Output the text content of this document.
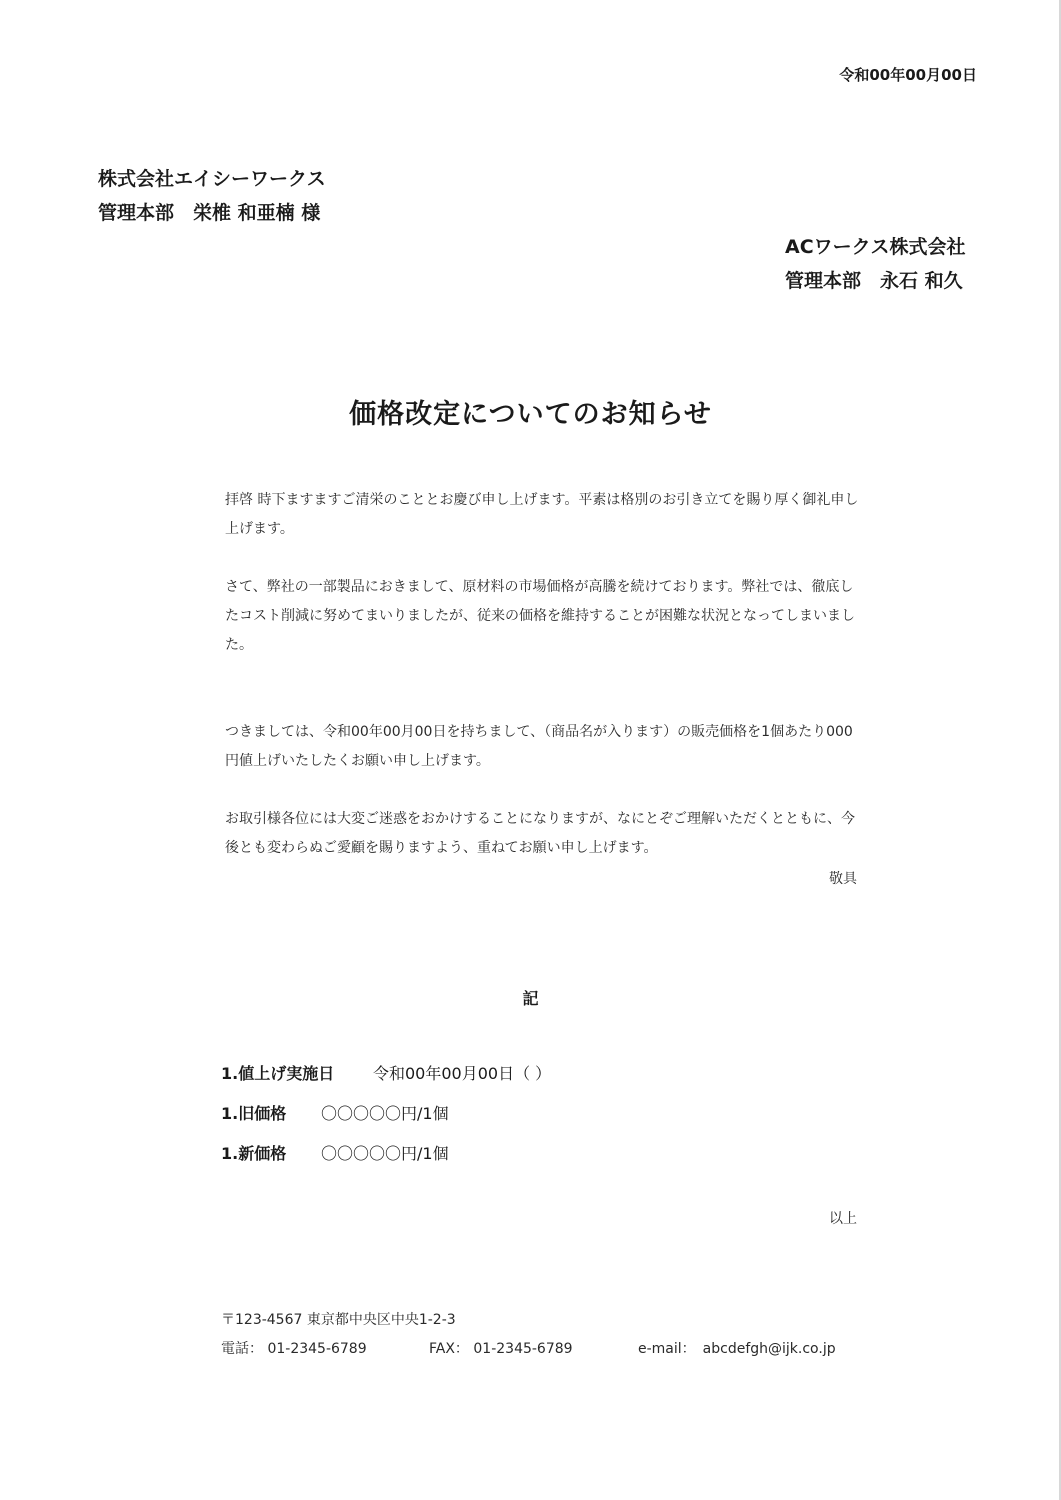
令和00年00月00日
株式会社エイシーワークス
管理本部　栄椎 和亜楠 様
ACワークス株式会社
管理本部　永石 和久
価格改定についてのお知らせ

拝啓 時下ますますご清栄のこととお慶び申し上げます。平素は格別のお引き立てを賜り厚く御礼申し上げます。

さて、弊社の一部製品におきまして、原材料の市場価格が高騰を続けております。弊社では、徹底したコスト削減に努めてまいりましたが、従来の価格を維持することが困難な状況となってしまいました。

つきましては、令和00年00月00日を持ちまして、（商品名が入ります）の販売価格を1個あたり000円値上げいたしたくお願い申し上げます。

お取引様各位には大変ご迷惑をおかけすることになりますが、なにとぞご理解いただくとともに、今後とも変わらぬご愛顧を賜りますよう、重ねてお願い申し上げます。

敬具
記
1.値上げ実施日	令和00年00月00日（ ）
1.旧価格	〇〇〇〇〇円/1個
1.新価格	〇〇〇〇〇円/1個
以上
〒123-4567 東京都中央区中央1-2-3
電話： 01-2345-6789	FAX： 01-2345-6789	e-mail：　abcdefgh@ijk.co.jp
